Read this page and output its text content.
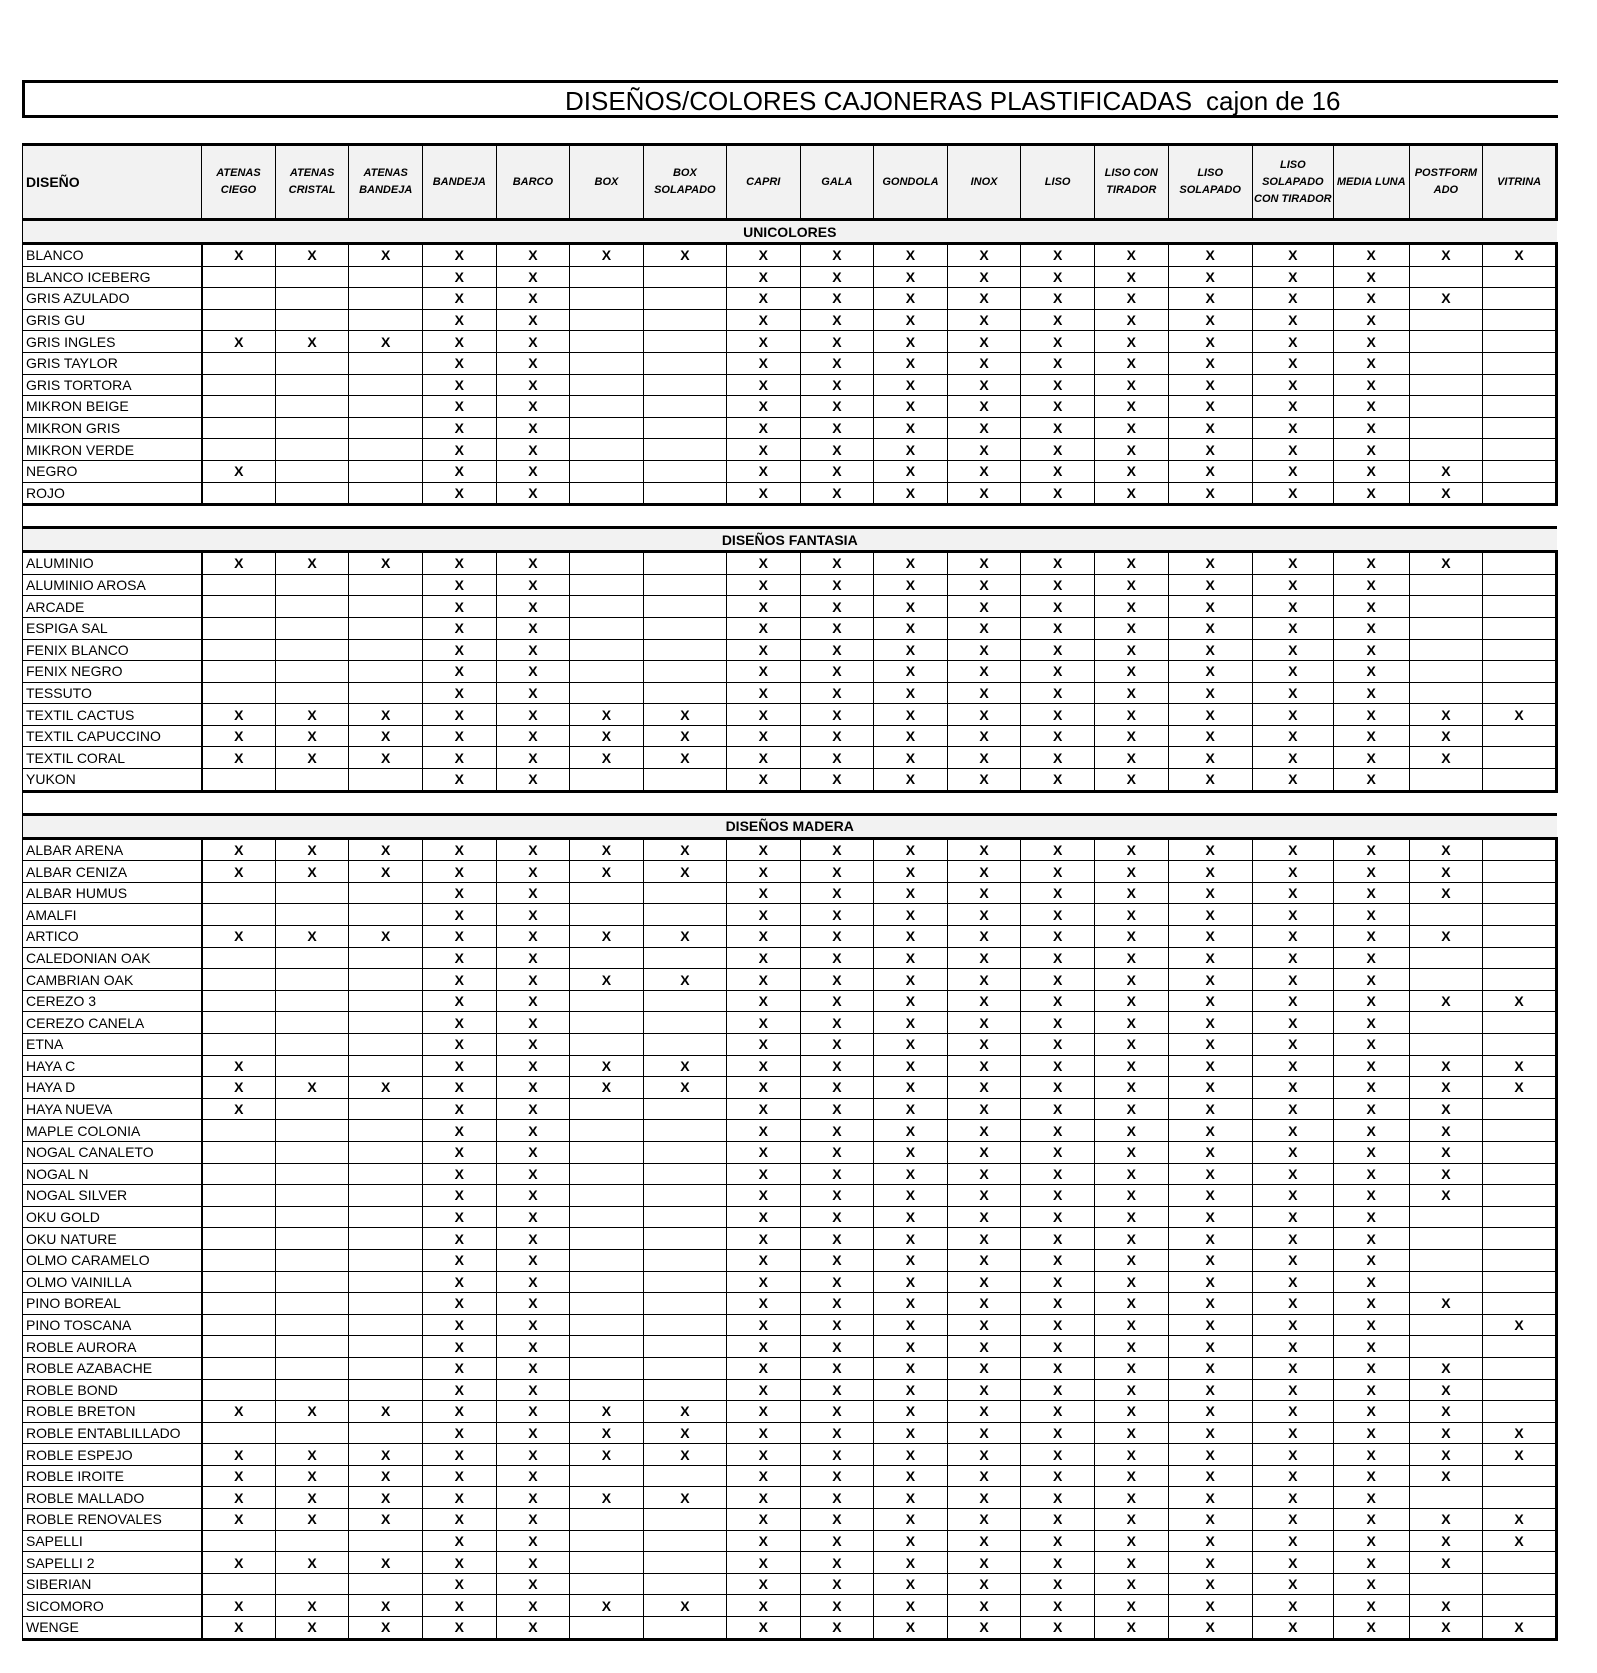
DISEÑOS/COLORES CAJONERAS PLASTIFICADAS cajon de 16
DISEÑO	ATENAS CIEGO	ATENAS CRISTAL	ATENAS BANDEJA	BANDEJA	BARCO	BOX	BOX SOLAPADO	CAPRI	GALA	GONDOLA	INOX	LISO	LISO CON TIRADOR	LISO SOLAPADO	LISO SOLAPADO CON TIRADOR	MEDIA LUNA	POSTFORM ADO	VITRINA
UNICOLORES																		
BLANCO	X	X	X	X	X	X	X	X	X	X	X	X	X	X	X	X	X	X
BLANCO ICEBERG				X	X			X	X	X	X	X	X	X	X	X		
GRIS AZULADO				X	X			X	X	X	X	X	X	X	X	X	X	
GRIS GU				X	X			X	X	X	X	X	X	X	X	X		
GRIS INGLES	X	X	X	X	X			X	X	X	X	X	X	X	X	X		
GRIS TAYLOR				X	X			X	X	X	X	X	X	X	X	X		
GRIS TORTORA				X	X			X	X	X	X	X	X	X	X	X		
MIKRON BEIGE				X	X			X	X	X	X	X	X	X	X	X		
MIKRON GRIS				X	X			X	X	X	X	X	X	X	X	X		
MIKRON VERDE				X	X			X	X	X	X	X	X	X	X	X		
NEGRO	X			X	X			X	X	X	X	X	X	X	X	X	X	
ROJO				X	X			X	X	X	X	X	X	X	X	X	X	

DISEÑOS FANTASIA																		
ALUMINIO	X	X	X	X	X			X	X	X	X	X	X	X	X	X	X	
ALUMINIO AROSA				X	X			X	X	X	X	X	X	X	X	X		
ARCADE				X	X			X	X	X	X	X	X	X	X	X		
ESPIGA SAL				X	X			X	X	X	X	X	X	X	X	X		
FENIX BLANCO				X	X			X	X	X	X	X	X	X	X	X		
FENIX NEGRO				X	X			X	X	X	X	X	X	X	X	X		
TESSUTO				X	X			X	X	X	X	X	X	X	X	X		
TEXTIL CACTUS	X	X	X	X	X	X	X	X	X	X	X	X	X	X	X	X	X	X
TEXTIL CAPUCCINO	X	X	X	X	X	X	X	X	X	X	X	X	X	X	X	X	X	
TEXTIL CORAL	X	X	X	X	X	X	X	X	X	X	X	X	X	X	X	X	X	
YUKON				X	X			X	X	X	X	X	X	X	X	X		

DISEÑOS MADERA																		
ALBAR ARENA	X	X	X	X	X	X	X	X	X	X	X	X	X	X	X	X	X	
ALBAR CENIZA	X	X	X	X	X	X	X	X	X	X	X	X	X	X	X	X	X	
ALBAR HUMUS				X	X			X	X	X	X	X	X	X	X	X	X	
AMALFI				X	X			X	X	X	X	X	X	X	X	X		
ARTICO	X	X	X	X	X	X	X	X	X	X	X	X	X	X	X	X	X	
CALEDONIAN OAK				X	X			X	X	X	X	X	X	X	X	X		
CAMBRIAN OAK				X	X	X	X	X	X	X	X	X	X	X	X	X		
CEREZO 3				X	X			X	X	X	X	X	X	X	X	X	X	X
CEREZO CANELA				X	X			X	X	X	X	X	X	X	X	X		
ETNA				X	X			X	X	X	X	X	X	X	X	X		
HAYA C	X			X	X	X	X	X	X	X	X	X	X	X	X	X	X	X
HAYA D	X	X	X	X	X	X	X	X	X	X	X	X	X	X	X	X	X	X
HAYA NUEVA	X			X	X			X	X	X	X	X	X	X	X	X	X	
MAPLE COLONIA				X	X			X	X	X	X	X	X	X	X	X	X	
NOGAL CANALETO				X	X			X	X	X	X	X	X	X	X	X	X	
NOGAL N				X	X			X	X	X	X	X	X	X	X	X	X	
NOGAL SILVER				X	X			X	X	X	X	X	X	X	X	X	X	
OKU GOLD				X	X			X	X	X	X	X	X	X	X	X		
OKU NATURE				X	X			X	X	X	X	X	X	X	X	X		
OLMO CARAMELO				X	X			X	X	X	X	X	X	X	X	X		
OLMO VAINILLA				X	X			X	X	X	X	X	X	X	X	X		
PINO BOREAL				X	X			X	X	X	X	X	X	X	X	X	X	
PINO TOSCANA				X	X			X	X	X	X	X	X	X	X	X		X
ROBLE AURORA				X	X			X	X	X	X	X	X	X	X	X		
ROBLE AZABACHE				X	X			X	X	X	X	X	X	X	X	X	X	
ROBLE BOND				X	X			X	X	X	X	X	X	X	X	X	X	
ROBLE BRETON	X	X	X	X	X	X	X	X	X	X	X	X	X	X	X	X	X	
ROBLE ENTABLILLADO				X	X	X	X	X	X	X	X	X	X	X	X	X	X	X
ROBLE ESPEJO	X	X	X	X	X	X	X	X	X	X	X	X	X	X	X	X	X	X
ROBLE IROITE	X	X	X	X	X			X	X	X	X	X	X	X	X	X	X	
ROBLE MALLADO	X	X	X	X	X	X	X	X	X	X	X	X	X	X	X	X		
ROBLE RENOVALES	X	X	X	X	X			X	X	X	X	X	X	X	X	X	X	X
SAPELLI				X	X			X	X	X	X	X	X	X	X	X	X	X
SAPELLI 2	X	X	X	X	X			X	X	X	X	X	X	X	X	X	X	
SIBERIAN				X	X			X	X	X	X	X	X	X	X	X		
SICOMORO	X	X	X	X	X	X	X	X	X	X	X	X	X	X	X	X	X	
WENGE	X	X	X	X	X			X	X	X	X	X	X	X	X	X	X	X
